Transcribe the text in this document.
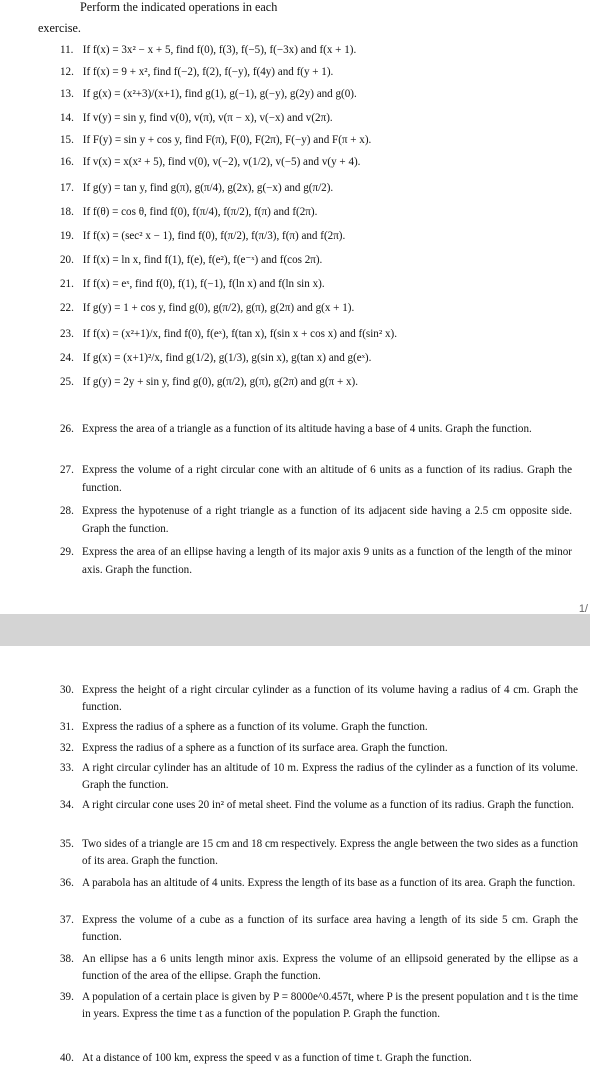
Perform the indicated operations in each
exercise.
1/
11. If f(x) = 3x² − x + 5, find f(0), f(3), f(−5), f(−3x) and f(x + 1).
12. If f(x) = 9 + x², find f(−2), f(2), f(−y), f(4y) and f(y + 1).
13. If g(x) = (x²+3)/(x+1), find g(1), g(−1), g(−y), g(2y) and g(0).
14. If v(y) = sin y, find v(0), v(π), v(π − x), v(−x) and v(2π).
15. If F(y) = sin y + cos y, find F(π), F(0), F(2π), F(−y) and F(π + x).
16. If v(x) = x(x² + 5), find v(0), v(−2), v(1/2), v(−5) and v(y + 4).
17. If g(y) = tan y, find g(π), g(π/4), g(2x), g(−x) and g(π/2).
18. If f(θ) = cos θ, find f(0), f(π/4), f(π/2), f(π) and f(2π).
19. If f(x) = (sec² x − 1), find f(0), f(π/2), f(π/3), f(π) and f(2π).
20. If f(x) = ln x, find f(1), f(e), f(e²), f(e⁻ˣ) and f(cos 2π).
21. If f(x) = eˣ, find f(0), f(1), f(−1), f(ln x) and f(ln sin x).
22. If g(y) = 1 + cos y, find g(0), g(π/2), g(π), g(2π) and g(x + 1).
23. If f(x) = (x²+1)/x, find f(0), f(eˣ), f(tan x), f(sin x + cos x) and f(sin² x).
24. If g(x) = (x+1)²/x, find g(1/2), g(1/3), g(sin x), g(tan x) and g(eˣ).
25. If g(y) = 2y + sin y, find g(0), g(π/2), g(π), g(2π) and g(π + x).
26. Express the area of a triangle as a function of its altitude having a base of 4 units. Graph the function.
27. Express the volume of a right circular cone with an altitude of 6 units as a function of its radius. Graph the function.
28. Express the hypotenuse of a right triangle as a function of its adjacent side having a 2.5 cm opposite side. Graph the function.
29. Express the area of an ellipse having a length of its major axis 9 units as a function of the length of the minor axis. Graph the function.
30. Express the height of a right circular cylinder as a function of its volume having a radius of 4 cm. Graph the function.
31. Express the radius of a sphere as a function of its volume. Graph the function.
32. Express the radius of a sphere as a function of its surface area. Graph the function.
33. A right circular cylinder has an altitude of 10 m. Express the radius of the cylinder as a function of its volume. Graph the function.
34. A right circular cone uses 20 in² of metal sheet. Find the volume as a function of its radius. Graph the function.
35. Two sides of a triangle are 15 cm and 18 cm respectively. Express the angle between the two sides as a function of its area. Graph the function.
36. A parabola has an altitude of 4 units. Express the length of its base as a function of its area. Graph the function.
37. Express the volume of a cube as a function of its surface area having a length of its side 5 cm. Graph the function.
38. An ellipse has a 6 units length minor axis. Express the volume of an ellipsoid generated by the ellipse as a function of the area of the ellipse. Graph the function.
39. A population of a certain place is given by P = 8000e^0.457t, where P is the present population and t is the time in years. Express the time t as a function of the population P. Graph the function.
40. At a distance of 100 km, express the speed v as a function of time t. Graph the function.
